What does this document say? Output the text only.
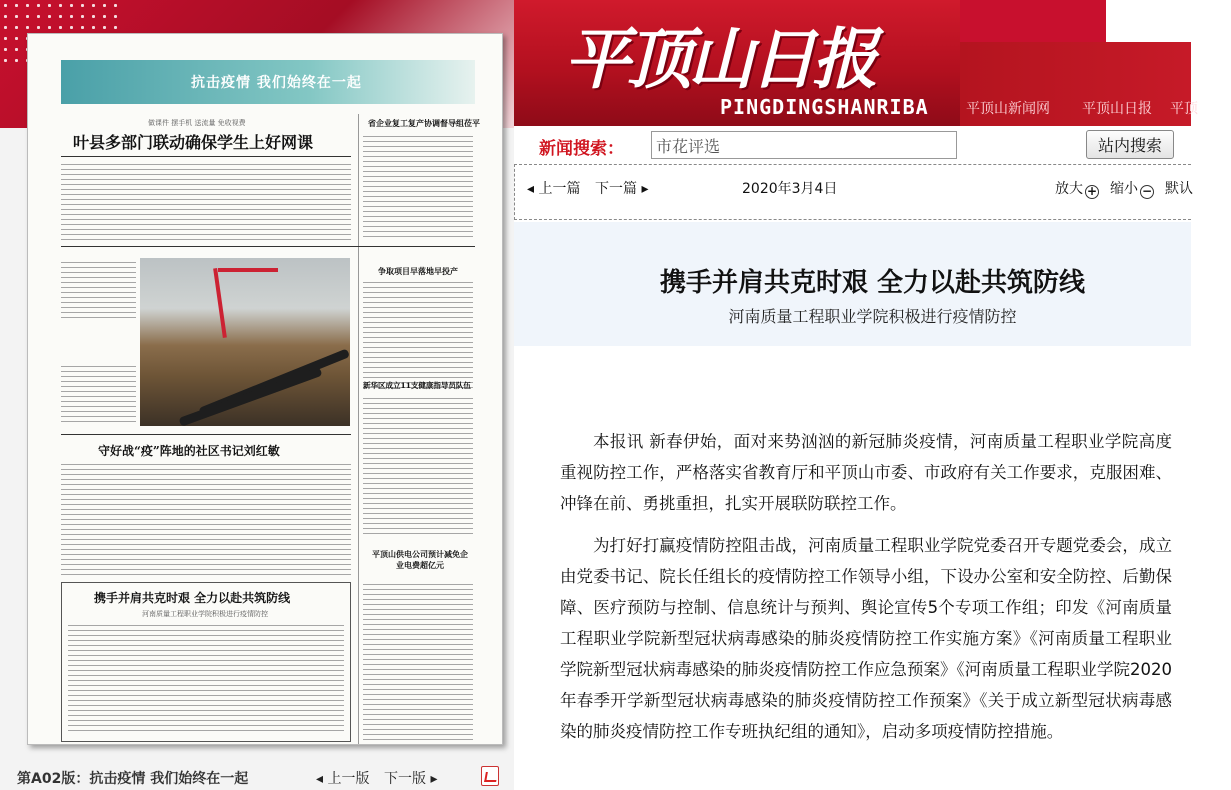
抗击疫情 我们始终在一起
做课件 摆手机 送流量 免收视费
叶县多部门联动确保学生上好网课
省企业复工复产协调督导组莅平
争取项目早落地早投产
新华区成立11支健康指导员队伍
守好战“疫”阵地的社区书记刘红敏
平顶山供电公司预计减免企业电费超亿元
携手并肩共克时艰 全力以赴共筑防线
河南质量工程职业学院积极进行疫情防控
第A02版：抗击疫情 我们始终在一起	◂ 上一版 下一版 ▸
平顶山日报
PINGDINGSHANRIBA	平顶山新闻网 平顶山日报 平顶
新闻搜索：
市花评选	站内搜索
◂ 上一篇 下一篇 ▸	2020年3月4日	放大 + 缩小 − 默认
携手并肩共克时艰 全力以赴共筑防线
河南质量工程职业学院积极进行疫情防控

本报讯 新春伊始，面对来势汹汹的新冠肺炎疫情，河南质量工程职业学院高度重视防控工作，严格落实省教育厅和平顶山市委、市政府有关工作要求，克服困难、冲锋在前、勇挑重担，扎实开展联防联控工作。

为打好打赢疫情防控阻击战，河南质量工程职业学院党委召开专题党委会，成立由党委书记、院长任组长的疫情防控工作领导小组，下设办公室和安全防控、后勤保障、医疗预防与控制、信息统计与预判、舆论宣传5个专项工作组；印发《河南质量工程职业学院新型冠状病毒感染的肺炎疫情防控工作实施方案》《河南质量工程职业学院新型冠状病毒感染的肺炎疫情防控工作应急预案》《河南质量工程职业学院2020年春季开学新型冠状病毒感染的肺炎疫情防控工作预案》《关于成立新型冠状病毒感染的肺炎疫情防控工作专班执纪组的通知》，启动多项疫情防控措施。
